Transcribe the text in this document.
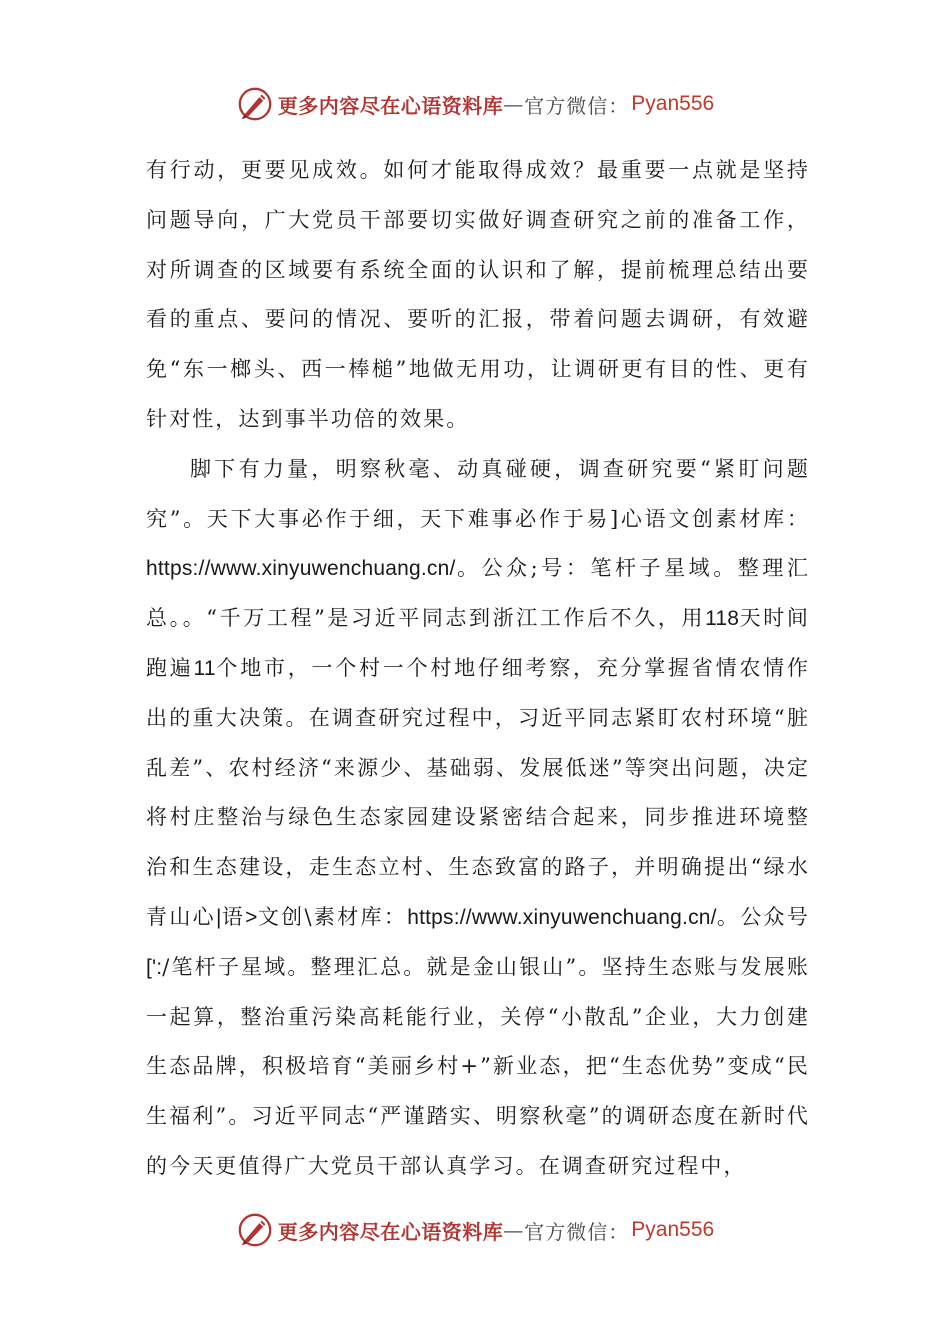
更多内容尽在心语资料库 — 官方微信： Pyan556

有行动，更要见成效。如何才能取得成效？最重要一点就是坚持问题导向，广大党员干部要切实做好调查研究之前的准备工作，对所调查的区域要有系统全面的认识和了解，提前梳理总结出要看的重点、要问的情况、要听的汇报，带着问题去调研，有效避免“东一榔头、西一棒槌”地做无用功，让调研更有目的性、更有针对性，达到事半功倍的效果。

脚下有力量，明察秋毫、动真碰硬，调查研究要“紧盯问题究”。天下大事必作于细，天下难事必作于易]心语文创素材库：https://www.xinyuwenchuang.cn/。公众;号：笔杆子星域。整理汇总。。“千万工程”是习近平同志到浙江工作后不久，用118天时间跑遍11个地市，一个村一个村地仔细考察，充分掌握省情农情作出的重大决策。在调查研究过程中，习近平同志紧盯农村环境“脏乱差”、农村经济“来源少、基础弱、发展低迷”等突出问题，决定将村庄整治与绿色生态家园建设紧密结合起来，同步推进环境整治和生态建设，走生态立村、生态致富的路子，并明确提出“绿水青山心|语>文创\素材库：https://www.xinyuwenchuang.cn/。公众号[':/笔杆子星域。整理汇总。就是金山银山”。坚持生态账与发展账一起算，整治重污染高耗能行业，关停“小散乱”企业，大力创建生态品牌，积极培育“美丽乡村+”新业态，把“生态优势”变成“民生福利”。习近平同志“严谨踏实、明察秋毫”的调研态度在新时代的今天更值得广大党员干部认真学习。在调查研究过程中，

更多内容尽在心语资料库 — 官方微信： Pyan556
